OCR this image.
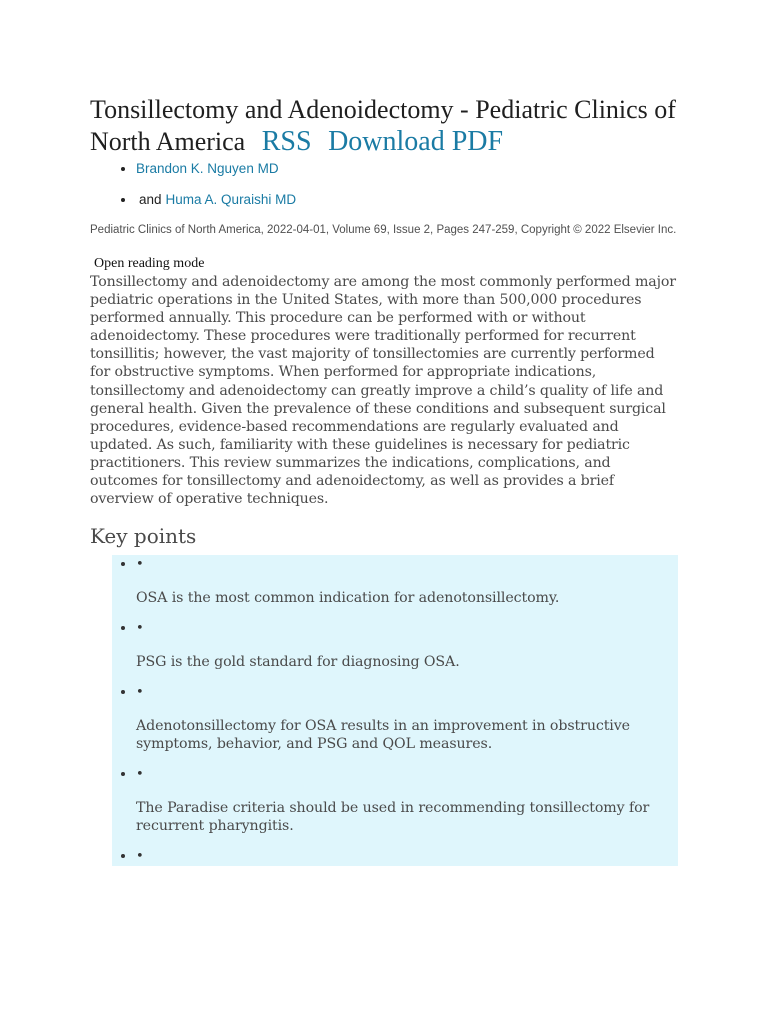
Tonsillectomy and Adenoidectomy - Pediatric Clinics of North America RSS Download PDF
• Brandon K. Nguyen MD
• and Huma A. Quraishi MD

Pediatric Clinics of North America, 2022-04-01, Volume 69, Issue 2, Pages 247-259, Copyright © 2022 Elsevier Inc.

Open reading mode

Tonsillectomy and adenoidectomy are among the most commonly performed major pediatric operations in the United States, with more than 500,000 procedures performed annually. This procedure can be performed with or without adenoidectomy. These procedures were traditionally performed for recurrent tonsillitis; however, the vast majority of tonsillectomies are currently performed for obstructive symptoms. When performed for appropriate indications, tonsillectomy and adenoidectomy can greatly improve a child’s quality of life and general health. Given the prevalence of these conditions and subsequent surgical procedures, evidence-based recommendations are regularly evaluated and updated. As such, familiarity with these guidelines is necessary for pediatric practitioners. This review summarizes the indications, complications, and outcomes for tonsillectomy and adenoidectomy, as well as provides a brief overview of operative techniques.

Key points
• •
OSA is the most common indication for adenotonsillectomy.
• •
PSG is the gold standard for diagnosing OSA.
• •
Adenotonsillectomy for OSA results in an improvement in obstructive symptoms, behavior, and PSG and QOL measures.
• •
The Paradise criteria should be used in recommending tonsillectomy for recurrent pharyngitis.
• •
